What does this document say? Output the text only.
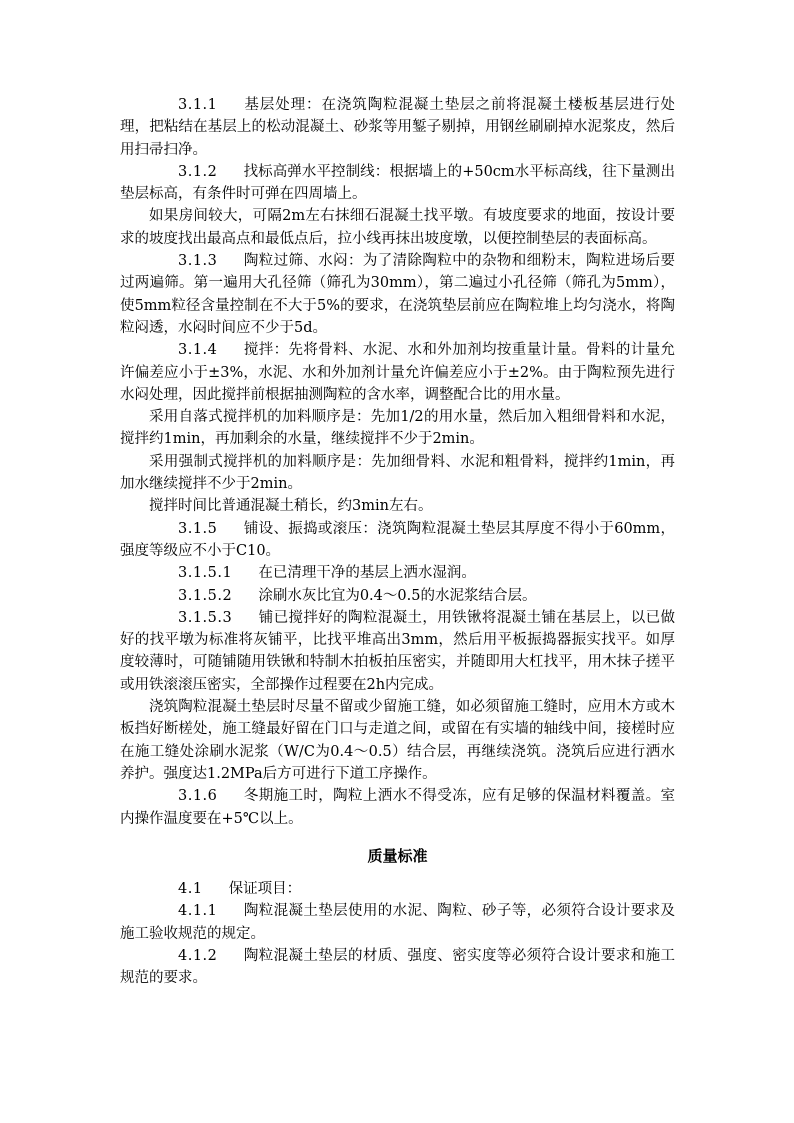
3.1.1 基层处理：在浇筑陶粒混凝土垫层之前将混凝土楼板基层进行处理，把粘结在基层上的松动混凝土、砂浆等用錾子剔掉，用钢丝刷刷掉水泥浆皮，然后用扫帚扫净。

3.1.2 找标高弹水平控制线：根据墙上的+50cm水平标高线，往下量测出垫层标高，有条件时可弹在四周墙上。

如果房间较大，可隔2m左右抹细石混凝土找平墩。有坡度要求的地面，按设计要求的坡度找出最高点和最低点后，拉小线再抹出坡度墩，以便控制垫层的表面标高。

3.1.3 陶粒过筛、水闷：为了清除陶粒中的杂物和细粉末，陶粒进场后要过两遍筛。第一遍用大孔径筛（筛孔为30mm），第二遍过小孔径筛（筛孔为5mm），使5mm粒径含量控制在不大于5%的要求，在浇筑垫层前应在陶粒堆上均匀浇水，将陶粒闷透，水闷时间应不少于5d。

3.1.4 搅拌：先将骨料、水泥、水和外加剂均按重量计量。骨料的计量允许偏差应小于±3%，水泥、水和外加剂计量允许偏差应小于±2%。由于陶粒预先进行水闷处理，因此搅拌前根据抽测陶粒的含水率，调整配合比的用水量。

采用自落式搅拌机的加料顺序是：先加1/2的用水量，然后加入粗细骨料和水泥，搅拌约1min，再加剩余的水量，继续搅拌不少于2min。

采用强制式搅拌机的加料顺序是：先加细骨料、水泥和粗骨料，搅拌约1min，再加水继续搅拌不少于2min。

搅拌时间比普通混凝土稍长，约3min左右。

3.1.5 铺设、振捣或滚压：浇筑陶粒混凝土垫层其厚度不得小于60mm，强度等级应不小于C10。

3.1.5.1 在已清理干净的基层上洒水湿润。

3.1.5.2 涂刷水灰比宜为0.4～0.5的水泥浆结合层。

3.1.5.3 铺已搅拌好的陶粒混凝土，用铁锹将混凝土铺在基层上，以已做好的找平墩为标准将灰铺平，比找平堆高出3mm，然后用平板振捣器振实找平。如厚度较薄时，可随铺随用铁锹和特制木拍板拍压密实，并随即用大杠找平，用木抹子搓平或用铁滚滚压密实，全部操作过程要在2h内完成。

浇筑陶粒混凝土垫层时尽量不留或少留施工缝，如必须留施工缝时，应用木方或木板挡好断槎处，施工缝最好留在门口与走道之间，或留在有实墙的轴线中间，接槎时应在施工缝处涂刷水泥浆（W/C为0.4～0.5）结合层，再继续浇筑。浇筑后应进行洒水养护。强度达1.2MPa后方可进行下道工序操作。

3.1.6 冬期施工时，陶粒上洒水不得受冻，应有足够的保温材料覆盖。室内操作温度要在+5℃以上。

质量标准

4.1 保证项目：

4.1.1 陶粒混凝土垫层使用的水泥、陶粒、砂子等，必须符合设计要求及施工验收规范的规定。

4.1.2 陶粒混凝土垫层的材质、强度、密实度等必须符合设计要求和施工规范的要求。
